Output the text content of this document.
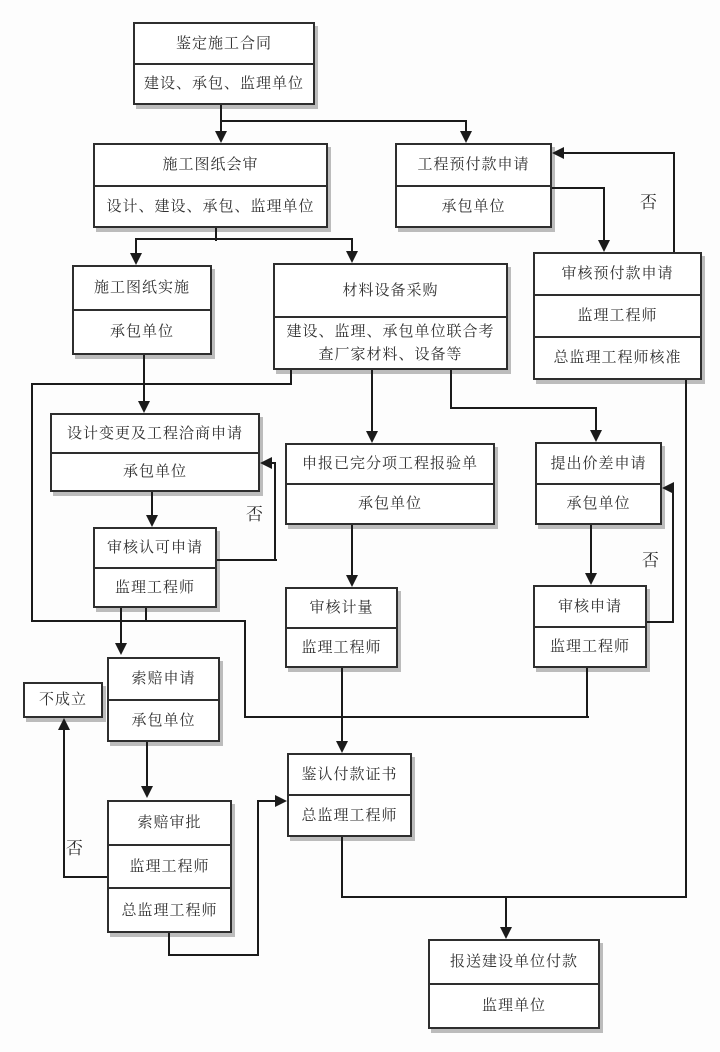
鉴定施工合同
建设、承包、监理单位
施工图纸会审
设计、建设、承包、监理单位
工程预付款申请
承包单位
审核预付款申请
监理工程师
总监理工程师核准
施工图纸实施
承包单位
材料设备采购
建设、监理、承包单位联合考查厂家材料、设备等
设计变更及工程洽商申请
承包单位
审核认可申请
监理工程师
申报已完分项工程报验单
承包单位
提出价差申请
承包单位
审核计量
监理工程师
审核申请
监理工程师
不成立
索赔申请
承包单位
鉴认付款证书
总监理工程师
索赔审批
监理工程师
总监理工程师
报送建设单位付款
监理单位
否
否
否
否
